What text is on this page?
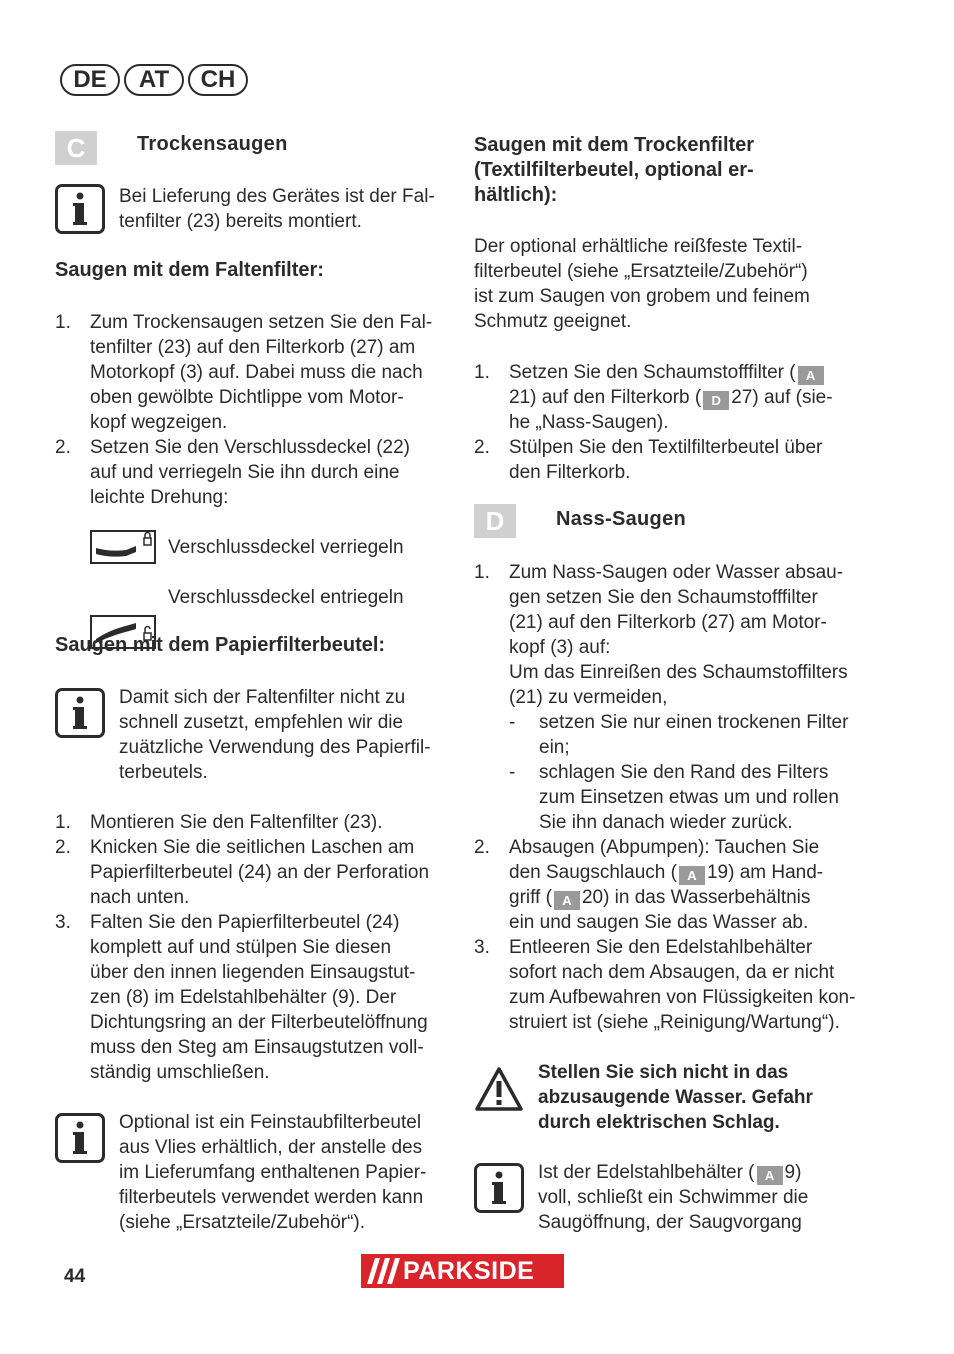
DE	AT	CH
C	Trockensaugen
Bei Lieferung des Gerätes ist der Fal-
tenfilter (23) bereits montiert.
Saugen mit dem Faltenfilter:
1. Zum Trockensaugen setzen Sie den Fal-
tenfilter (23) auf den Filterkorb (27) am
Motorkopf (3) auf. Dabei muss die nach
oben gewölbte Dichtlippe vom Motor-
kopf wegzeigen.
2. Setzen Sie den Verschlussdeckel (22)
auf und verriegeln Sie ihn durch eine
leichte Drehung:
Verschlussdeckel verriegeln
Verschlussdeckel entriegeln
Saugen mit dem Papierfilterbeutel:
Damit sich der Faltenfilter nicht zu
schnell zusetzt, empfehlen wir die
zuätzliche Verwendung des Papierfil-
terbeutels.
1. Montieren Sie den Faltenfilter (23).
2. Knicken Sie die seitlichen Laschen am
Papierfilterbeutel (24) an der Perforation
nach unten.
3. Falten Sie den Papierfilterbeutel (24)
komplett auf und stülpen Sie diesen
über den innen liegenden Einsaugstut-
zen (8) im Edelstahlbehälter (9). Der
Dichtungsring an der Filterbeutelöffnung
muss den Steg am Einsaugstutzen voll-
ständig umschließen.
Optional ist ein Feinstaubfilterbeutel
aus Vlies erhältlich, der anstelle des
im Lieferumfang enthaltenen Papier-
filterbeutels verwendet werden kann
(siehe „Ersatzteile/Zubehör“).
Saugen mit dem Trockenfilter
(Textilfilterbeutel, optional er-
hältlich):
Der optional erhältliche reißfeste Textil-
filterbeutel (siehe „Ersatzteile/Zubehör“)
ist zum Saugen von grobem und feinem
Schmutz geeignet.
1. Setzen Sie den Schaumstofffilter ( A
21) auf den Filterkorb ( D 27) auf (sie-
he „Nass-Saugen).
2. Stülpen Sie den Textilfilterbeutel über
den Filterkorb.
D	Nass-Saugen
1. Zum Nass-Saugen oder Wasser absau-
gen setzen Sie den Schaumstofffilter
(21) auf den Filterkorb (27) am Motor-
kopf (3) auf:
Um das Einreißen des Schaumstoffilters
(21) zu vermeiden,
- setzen Sie nur einen trockenen Filter
ein;
- schlagen Sie den Rand des Filters
zum Einsetzen etwas um und rollen
Sie ihn danach wieder zurück.
2. Absaugen (Abpumpen): Tauchen Sie
den Saugschlauch ( A 19) am Hand-
griff ( A 20) in das Wasserbehältnis
ein und saugen Sie das Wasser ab.
3. Entleeren Sie den Edelstahlbehälter
sofort nach dem Absaugen, da er nicht
zum Aufbewahren von Flüssigkeiten kon-
struiert ist (siehe „Reinigung/Wartung“).
Stellen Sie sich nicht in das
abzusaugende Wasser. Gefahr
durch elektrischen Schlag.
Ist der Edelstahlbehälter ( A 9)
voll, schließt ein Schwimmer die
Saugöffnung, der Saugvorgang
44	PARKSIDE
